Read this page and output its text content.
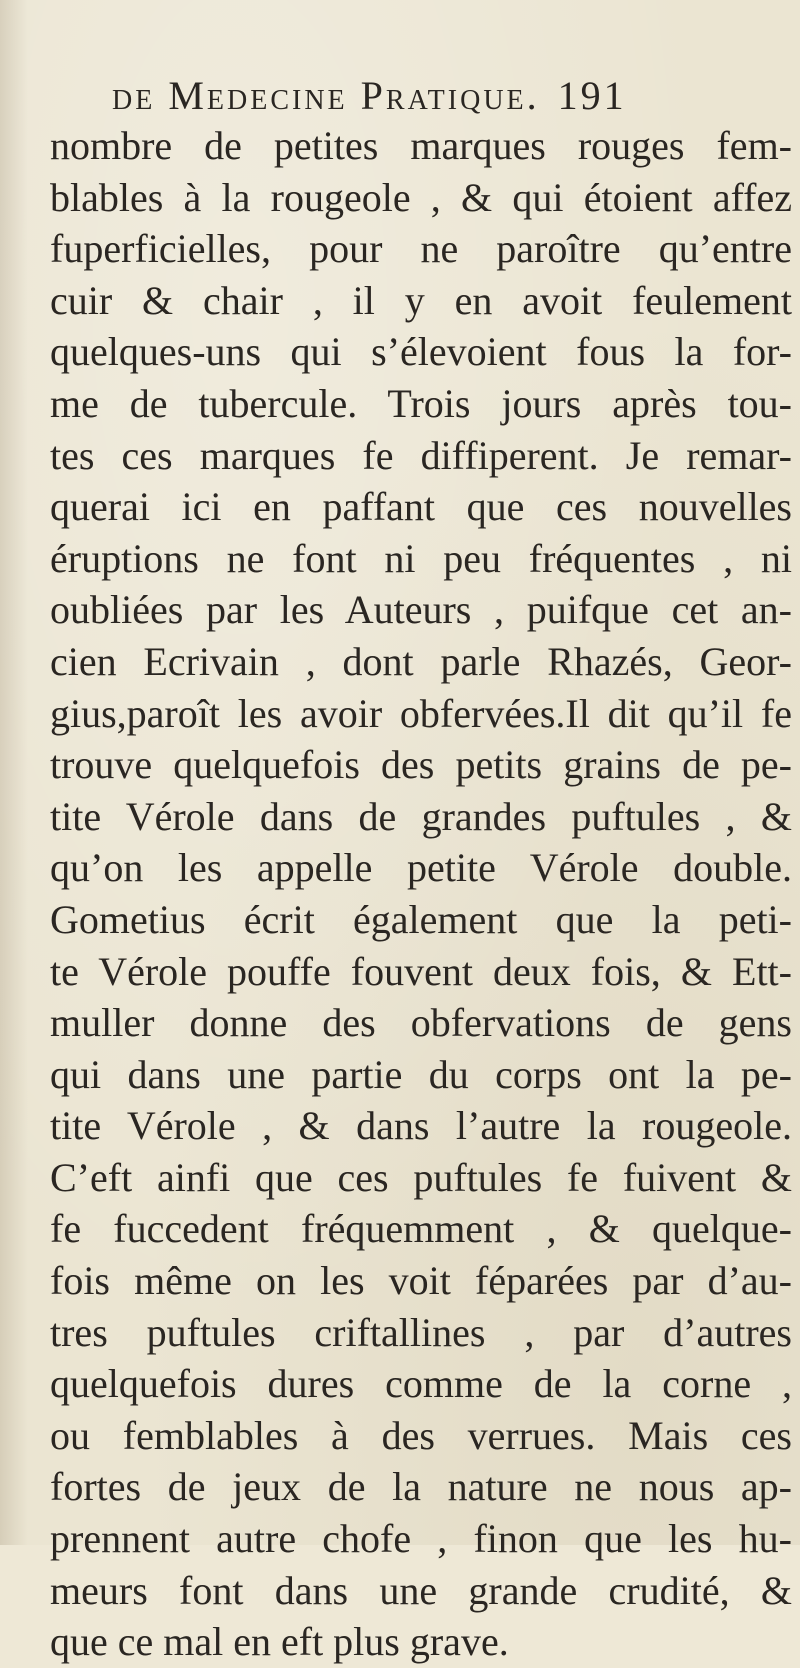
de Medecine Pratique. 191
nombre de petites marques rouges fem-
blables à la rougeole , & qui étoient affez
fuperficielles, pour ne paroître qu’entre
cuir & chair , il y en avoit feulement
quelques-uns qui s’élevoient fous la for-
me de tubercule. Trois jours après tou-
tes ces marques fe diffiperent. Je remar-
querai ici en paffant que ces nouvelles
éruptions ne font ni peu fréquentes , ni
oubliées par les Auteurs , puifque cet an-
cien Ecrivain , dont parle Rhazés, Geor-
gius,paroît les avoir obfervées.Il dit qu’il fe
trouve quelquefois des petits grains de pe-
tite Vérole dans de grandes puftules , &
qu’on les appelle petite Vérole double.
Gometius écrit également que la peti-
te Vérole pouffe fouvent deux fois, & Ett-
muller donne des obfervations de gens
qui dans une partie du corps ont la pe-
tite Vérole , & dans l’autre la rougeole.
C’eft ainfi que ces puftules fe fuivent &
fe fuccedent fréquemment , & quelque-
fois même on les voit féparées par d’au-
tres puftules criftallines , par d’autres
quelquefois dures comme de la corne ,
ou femblables à des verrues. Mais ces
fortes de jeux de la nature ne nous ap-
prennent autre chofe , finon que les hu-
meurs font dans une grande crudité, &
que ce mal en eft plus grave.
